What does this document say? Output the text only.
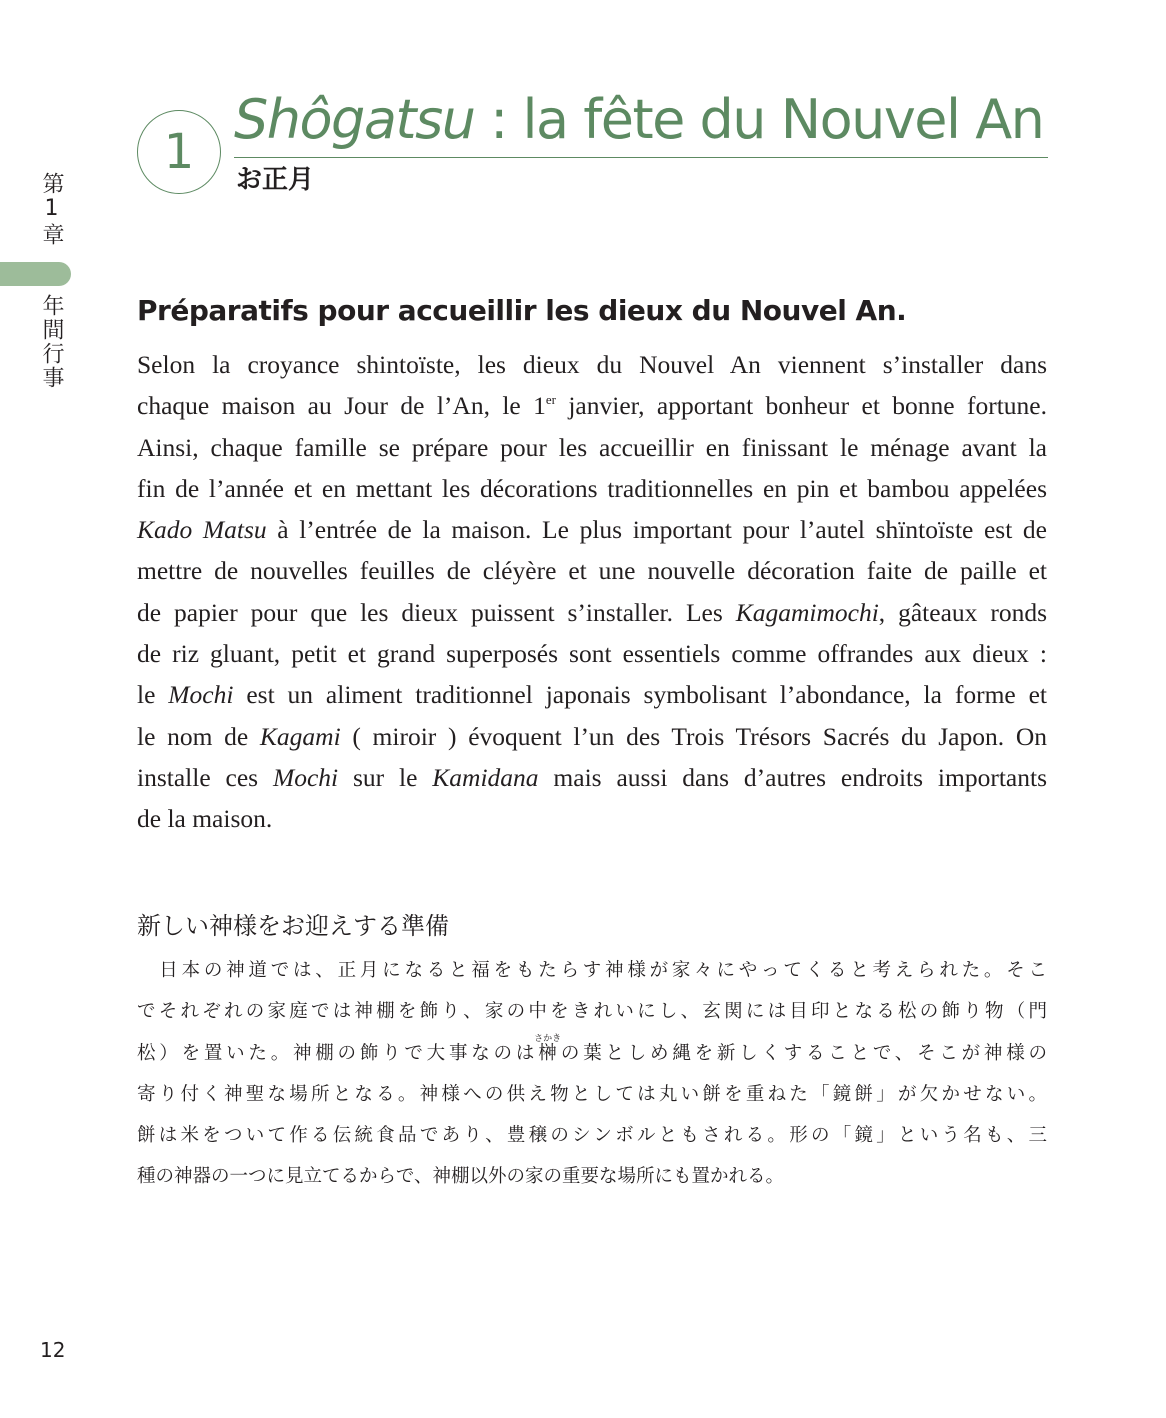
第1章
年間行事
1
Shôgatsu : la fête du Nouvel An
お正月
Préparatifs pour accueillir les dieux du Nouvel An.
Selon la croyance shintoïste, les dieux du Nouvel An viennent s’installer dans
chaque maison au Jour de l’An, le 1er janvier, apportant bonheur et bonne fortune.
Ainsi, chaque famille se prépare pour les accueillir en finissant le ménage avant la
fin de l’année et en mettant les décorations traditionnelles en pin et bambou appelées
Kado Matsu à l’entrée de la maison. Le plus important pour l’autel shïntoïste est de
mettre de nouvelles feuilles de cléyère et une nouvelle décoration faite de paille et
de papier pour que les dieux puissent s’installer. Les Kagamimochi, gâteaux ronds
de riz gluant, petit et grand superposés sont essentiels comme offrandes aux dieux :
le Mochi est un aliment traditionnel japonais symbolisant l’abondance, la forme et
le nom de Kagami ( miroir ) évoquent l’un des Trois Trésors Sacrés du Japon. On
installe ces Mochi sur le Kamidana mais aussi dans d’autres endroits importants
de la maison.
新しい神様をお迎えする準備
　日本の神道では、正月になると福をもたらす神様が家々にやってくると考えられた。そこ
でそれぞれの家庭では神棚を飾り、家の中をきれいにし、玄関には目印となる松の飾り物（門
松）を置いた。神棚の飾りで大事なのは榊さかきの葉としめ縄を新しくすることで、そこが神様の
寄り付く神聖な場所となる。神様への供え物としては丸い餅を重ねた「鏡餅」が欠かせない。
餅は米をついて作る伝統食品であり、豊穣のシンボルともされる。形の「鏡」という名も、三
種の神器の一つに見立てるからで、神棚以外の家の重要な場所にも置かれる。
12
